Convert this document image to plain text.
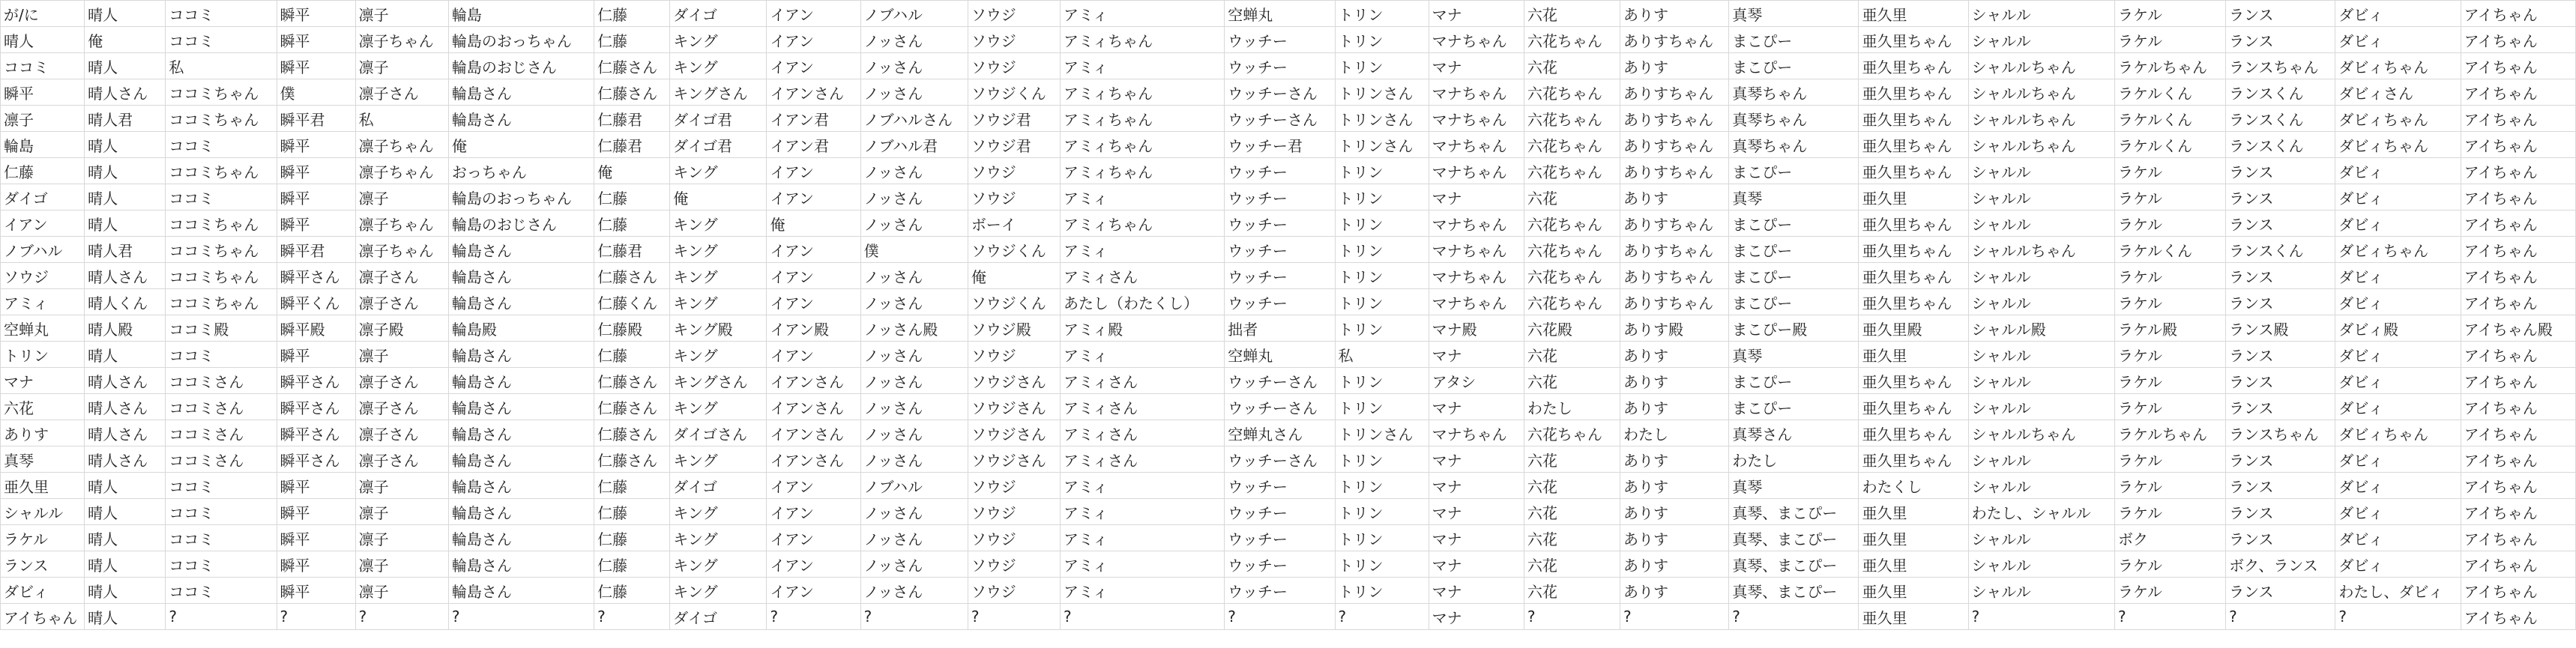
が/に	晴人	ココミ	瞬平	凛子	輪島	仁藤	ダイゴ	イアン	ノブハル	ソウジ	アミィ	空蝉丸	トリン	マナ	六花	ありす	真琴	亜久里	シャルル	ラケル	ランス	ダビィ	アイちゃん
晴人	俺	ココミ	瞬平	凛子ちゃん	輪島のおっちゃん	仁藤	キング	イアン	ノッさん	ソウジ	アミィちゃん	ウッチー	トリン	マナちゃん	六花ちゃん	ありすちゃん	まこぴー	亜久里ちゃん	シャルル	ラケル	ランス	ダビィ	アイちゃん
ココミ	晴人	私	瞬平	凛子	輪島のおじさん	仁藤さん	キング	イアン	ノッさん	ソウジ	アミィ	ウッチー	トリン	マナ	六花	ありす	まこぴー	亜久里ちゃん	シャルルちゃん	ラケルちゃん	ランスちゃん	ダビィちゃん	アイちゃん
瞬平	晴人さん	ココミちゃん	僕	凛子さん	輪島さん	仁藤さん	キングさん	イアンさん	ノッさん	ソウジくん	アミィちゃん	ウッチーさん	トリンさん	マナちゃん	六花ちゃん	ありすちゃん	真琴ちゃん	亜久里ちゃん	シャルルちゃん	ラケルくん	ランスくん	ダビィさん	アイちゃん
凛子	晴人君	ココミちゃん	瞬平君	私	輪島さん	仁藤君	ダイゴ君	イアン君	ノブハルさん	ソウジ君	アミィちゃん	ウッチーさん	トリンさん	マナちゃん	六花ちゃん	ありすちゃん	真琴ちゃん	亜久里ちゃん	シャルルちゃん	ラケルくん	ランスくん	ダビィちゃん	アイちゃん
輪島	晴人	ココミ	瞬平	凛子ちゃん	俺	仁藤君	ダイゴ君	イアン君	ノブハル君	ソウジ君	アミィちゃん	ウッチー君	トリンさん	マナちゃん	六花ちゃん	ありすちゃん	真琴ちゃん	亜久里ちゃん	シャルルちゃん	ラケルくん	ランスくん	ダビィちゃん	アイちゃん
仁藤	晴人	ココミちゃん	瞬平	凛子ちゃん	おっちゃん	俺	キング	イアン	ノッさん	ソウジ	アミィちゃん	ウッチー	トリン	マナちゃん	六花ちゃん	ありすちゃん	まこぴー	亜久里ちゃん	シャルル	ラケル	ランス	ダビィ	アイちゃん
ダイゴ	晴人	ココミ	瞬平	凛子	輪島のおっちゃん	仁藤	俺	イアン	ノッさん	ソウジ	アミィ	ウッチー	トリン	マナ	六花	ありす	真琴	亜久里	シャルル	ラケル	ランス	ダビィ	アイちゃん
イアン	晴人	ココミちゃん	瞬平	凛子ちゃん	輪島のおじさん	仁藤	キング	俺	ノッさん	ボーイ	アミィちゃん	ウッチー	トリン	マナちゃん	六花ちゃん	ありすちゃん	まこぴー	亜久里ちゃん	シャルル	ラケル	ランス	ダビィ	アイちゃん
ノブハル	晴人君	ココミちゃん	瞬平君	凛子ちゃん	輪島さん	仁藤君	キング	イアン	僕	ソウジくん	アミィ	ウッチー	トリン	マナちゃん	六花ちゃん	ありすちゃん	まこぴー	亜久里ちゃん	シャルルちゃん	ラケルくん	ランスくん	ダビィちゃん	アイちゃん
ソウジ	晴人さん	ココミちゃん	瞬平さん	凛子さん	輪島さん	仁藤さん	キング	イアン	ノッさん	俺	アミィさん	ウッチー	トリン	マナちゃん	六花ちゃん	ありすちゃん	まこぴー	亜久里ちゃん	シャルル	ラケル	ランス	ダビィ	アイちゃん
アミィ	晴人くん	ココミちゃん	瞬平くん	凛子さん	輪島さん	仁藤くん	キング	イアン	ノッさん	ソウジくん	あたし（わたくし）	ウッチー	トリン	マナちゃん	六花ちゃん	ありすちゃん	まこぴー	亜久里ちゃん	シャルル	ラケル	ランス	ダビィ	アイちゃん
空蝉丸	晴人殿	ココミ殿	瞬平殿	凛子殿	輪島殿	仁藤殿	キング殿	イアン殿	ノッさん殿	ソウジ殿	アミィ殿	拙者	トリン	マナ殿	六花殿	ありす殿	まこぴー殿	亜久里殿	シャルル殿	ラケル殿	ランス殿	ダビィ殿	アイちゃん殿
トリン	晴人	ココミ	瞬平	凛子	輪島さん	仁藤	キング	イアン	ノッさん	ソウジ	アミィ	空蝉丸	私	マナ	六花	ありす	真琴	亜久里	シャルル	ラケル	ランス	ダビィ	アイちゃん
マナ	晴人さん	ココミさん	瞬平さん	凛子さん	輪島さん	仁藤さん	キングさん	イアンさん	ノッさん	ソウジさん	アミィさん	ウッチーさん	トリン	アタシ	六花	ありす	まこぴー	亜久里ちゃん	シャルル	ラケル	ランス	ダビィ	アイちゃん
六花	晴人さん	ココミさん	瞬平さん	凛子さん	輪島さん	仁藤さん	キング	イアンさん	ノッさん	ソウジさん	アミィさん	ウッチーさん	トリン	マナ	わたし	ありす	まこぴー	亜久里ちゃん	シャルル	ラケル	ランス	ダビィ	アイちゃん
ありす	晴人さん	ココミさん	瞬平さん	凛子さん	輪島さん	仁藤さん	ダイゴさん	イアンさん	ノッさん	ソウジさん	アミィさん	空蝉丸さん	トリンさん	マナちゃん	六花ちゃん	わたし	真琴さん	亜久里ちゃん	シャルルちゃん	ラケルちゃん	ランスちゃん	ダビィちゃん	アイちゃん
真琴	晴人さん	ココミさん	瞬平さん	凛子さん	輪島さん	仁藤さん	キング	イアンさん	ノッさん	ソウジさん	アミィさん	ウッチーさん	トリン	マナ	六花	ありす	わたし	亜久里ちゃん	シャルル	ラケル	ランス	ダビィ	アイちゃん
亜久里	晴人	ココミ	瞬平	凛子	輪島さん	仁藤	ダイゴ	イアン	ノブハル	ソウジ	アミィ	ウッチー	トリン	マナ	六花	ありす	真琴	わたくし	シャルル	ラケル	ランス	ダビィ	アイちゃん
シャルル	晴人	ココミ	瞬平	凛子	輪島さん	仁藤	キング	イアン	ノッさん	ソウジ	アミィ	ウッチー	トリン	マナ	六花	ありす	真琴、まこぴー	亜久里	わたし、シャルル	ラケル	ランス	ダビィ	アイちゃん
ラケル	晴人	ココミ	瞬平	凛子	輪島さん	仁藤	キング	イアン	ノッさん	ソウジ	アミィ	ウッチー	トリン	マナ	六花	ありす	真琴、まこぴー	亜久里	シャルル	ボク	ランス	ダビィ	アイちゃん
ランス	晴人	ココミ	瞬平	凛子	輪島さん	仁藤	キング	イアン	ノッさん	ソウジ	アミィ	ウッチー	トリン	マナ	六花	ありす	真琴、まこぴー	亜久里	シャルル	ラケル	ボク、ランス	ダビィ	アイちゃん
ダビィ	晴人	ココミ	瞬平	凛子	輪島さん	仁藤	キング	イアン	ノッさん	ソウジ	アミィ	ウッチー	トリン	マナ	六花	ありす	真琴、まこぴー	亜久里	シャルル	ラケル	ランス	わたし、ダビィ	アイちゃん
アイちゃん	晴人	?	?	?	?	?	ダイゴ	?	?	?	?	?	?	マナ	?	?	?	亜久里	?	?	?	?	アイちゃん
